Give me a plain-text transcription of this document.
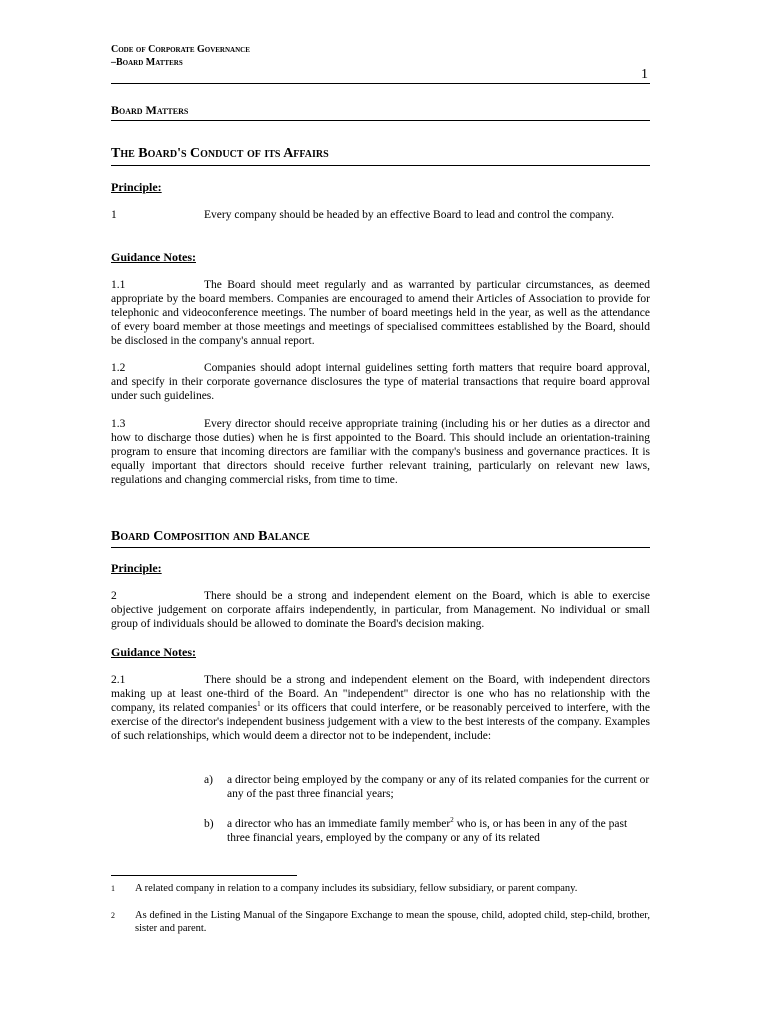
Code of Corporate Governance
–Board Matters
1
Board Matters
The Board's Conduct of its Affairs
Principle:
1	Every company should be headed by an effective Board to lead and control the company.
Guidance Notes:
1.1	The Board should meet regularly and as warranted by particular circumstances, as deemed appropriate by the board members. Companies are encouraged to amend their Articles of Association to provide for telephonic and videoconference meetings. The number of board meetings held in the year, as well as the attendance of every board member at those meetings and meetings of specialised committees established by the Board, should be disclosed in the company's annual report.
1.2	Companies should adopt internal guidelines setting forth matters that require board approval, and specify in their corporate governance disclosures the type of material transactions that require board approval under such guidelines.
1.3	Every director should receive appropriate training (including his or her duties as a director and how to discharge those duties) when he is first appointed to the Board. This should include an orientation-training program to ensure that incoming directors are familiar with the company's business and governance practices. It is equally important that directors should receive further relevant training, particularly on relevant new laws, regulations and changing commercial risks, from time to time.
Board Composition and Balance
Principle:
2	There should be a strong and independent element on the Board, which is able to exercise objective judgement on corporate affairs independently, in particular, from Management. No individual or small group of individuals should be allowed to dominate the Board's decision making.
Guidance Notes:
2.1	There should be a strong and independent element on the Board, with independent directors making up at least one-third of the Board. An "independent" director is one who has no relationship with the company, its related companies$^1$ or its officers that could interfere, or be reasonably perceived to interfere, with the exercise of the director's independent business judgement with a view to the best interests of the company. Examples of such relationships, which would deem a director not to be independent, include:
a) a director being employed by the company or any of its related companies for the current or any of the past three financial years;
b) a director who has an immediate family member$^2$ who is, or has been in any of the past three financial years, employed by the company or any of its related
1 A related company in relation to a company includes its subsidiary, fellow subsidiary, or parent company.
2 As defined in the Listing Manual of the Singapore Exchange to mean the spouse, child, adopted child, step-child, brother, sister and parent.
